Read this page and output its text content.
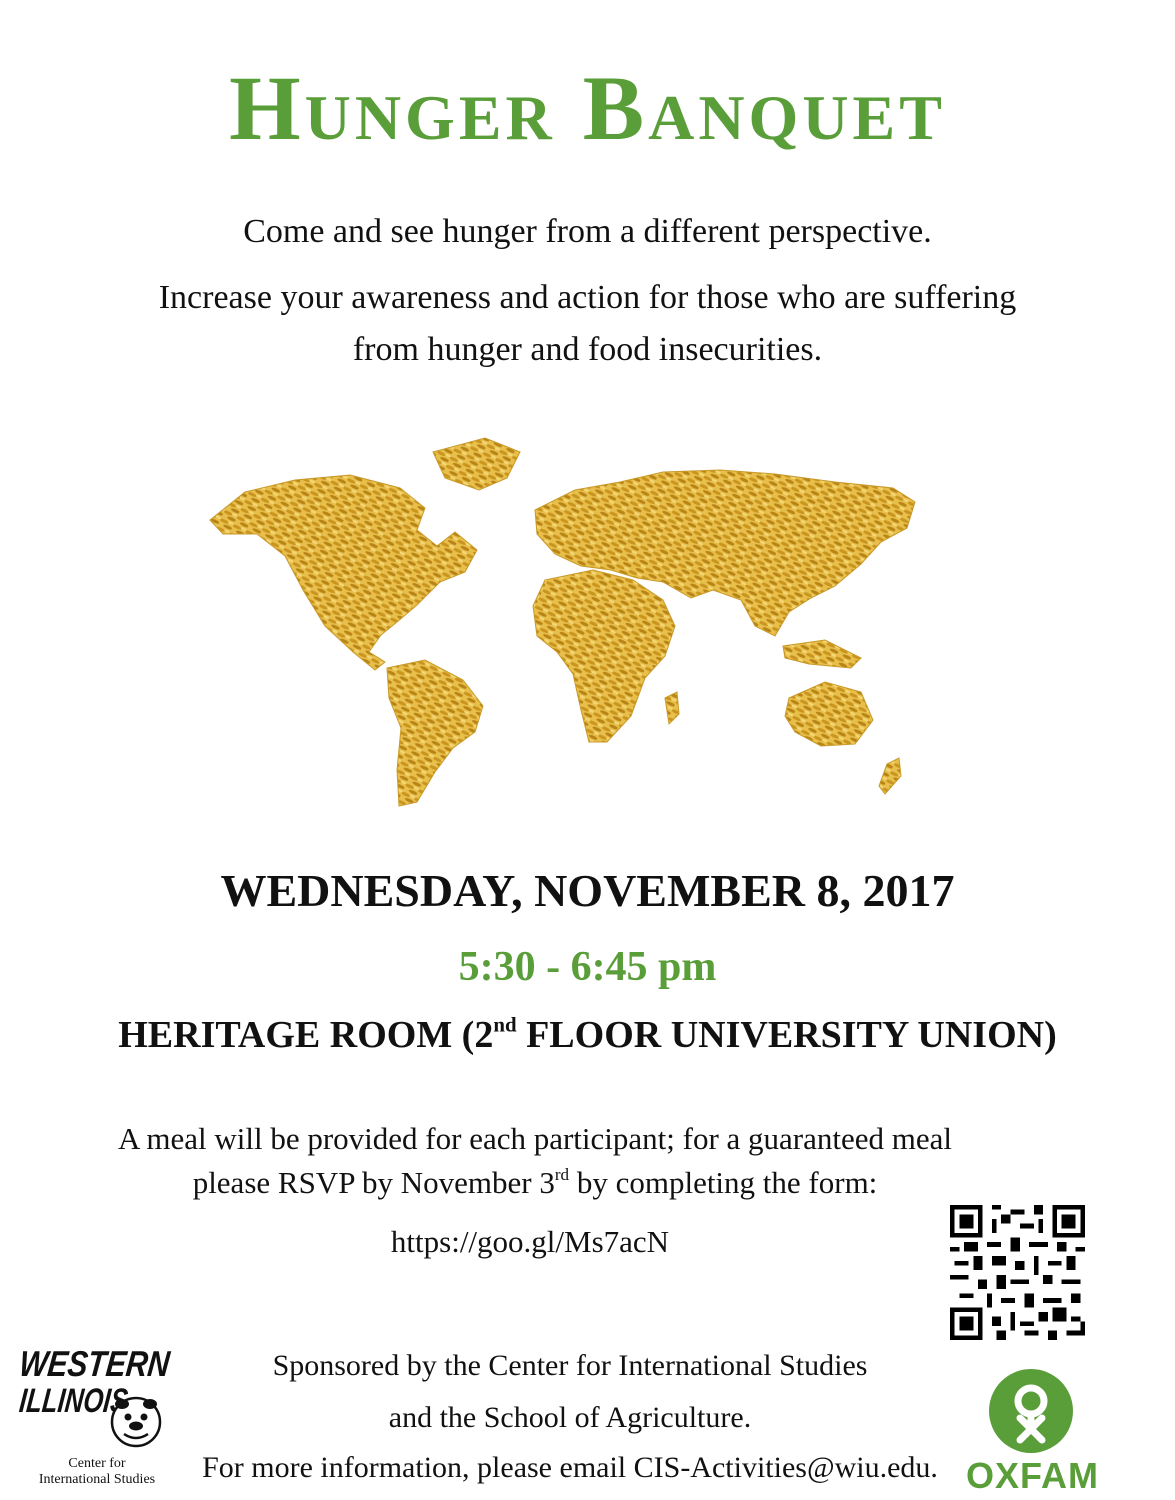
Hunger Banquet
Come and see hunger from a different perspective.
Increase your awareness and action for those who are suffering
from hunger and food insecurities.
WEDNESDAY, NOVEMBER 8, 2017
5:30 - 6:45 pm
HERITAGE ROOM (2nd FLOOR UNIVERSITY UNION)
A meal will be provided for each participant; for a guaranteed meal
please RSVP by November 3rd by completing the form:
https://goo.gl/Ms7acN
Sponsored by the Center for International Studies
and the School of Agriculture.
For more information, please email CIS-Activities@wiu.edu.
WESTERN
ILLINOIS
Center for
International Studies	OXFAM
